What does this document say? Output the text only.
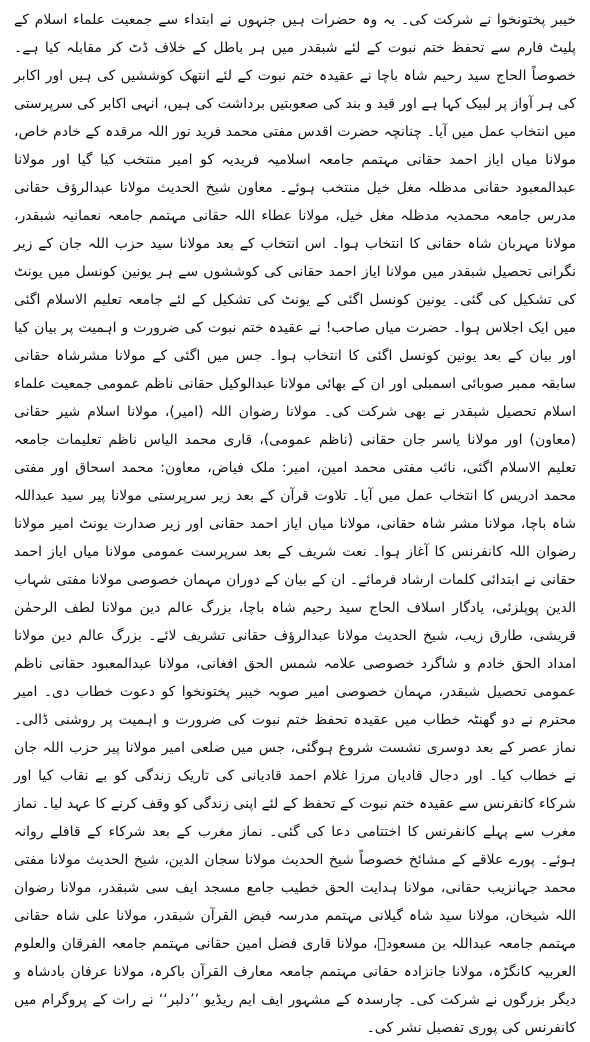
خیبر پختونخوا نے شرکت کی۔ یہ وہ حضرات ہیں جنہوں نے ابتداء سے جمعیت علماء اسلام کے پلیٹ فارم سے تحفظ ختم نبوت کے لئے شبقدر میں ہر باطل کے خلاف ڈٹ کر مقابلہ کیا ہے۔ خصوصاً الحاج سید رحیم شاہ باچا نے عقیدہ ختم نبوت کے لئے انتھک کوششیں کی ہیں اور اکابر کی ہر آواز پر لبیک کہا ہے اور قید و بند کی صعوبتیں برداشت کی ہیں، انہی اکابر کی سرپرستی میں انتخاب عمل میں آیا۔ چنانچہ حضرت اقدس مفتی محمد فرید نور اللہ مرقدہ کے خادم خاص، مولانا میاں ایاز احمد حقانی مہتمم جامعہ اسلامیہ فریدیہ کو امیر منتخب کیا گیا اور مولانا عبدالمعبود حقانی مدظلہ مغل خیل منتخب ہوئے۔ معاون شیخ الحدیث مولانا عبدالرؤف حقانی مدرس جامعہ محمدیہ مدظلہ مغل خیل، مولانا عطاء اللہ حقانی مہتمم جامعہ نعمانیہ شبقدر، مولانا مہربان شاہ حقانی کا انتخاب ہوا۔ اس انتخاب کے بعد مولانا سید حزب اللہ جان کے زیر نگرانی تحصیل شبقدر میں مولانا ایاز احمد حقانی کی کوششوں سے ہر یونین کونسل میں یونٹ کی تشکیل کی گئی۔ یونین کونسل اگئی کے یونٹ کی تشکیل کے لئے جامعہ تعلیم الاسلام اگئی میں ایک اجلاس ہوا۔ حضرت میاں صاحب! نے عقیدہ ختم نبوت کی ضرورت و اہمیت پر بیان کیا اور بیان کے بعد یونین کونسل اگئی کا انتخاب ہوا۔ جس میں اگئی کے مولانا مشرشاہ حقانی سابقہ ممبر صوبائی اسمبلی اور ان کے بھائی مولانا عبدالوکیل حقانی ناظم عمومی جمعیت علماء اسلام تحصیل شبقدر نے بھی شرکت کی۔ مولانا رضوان اللہ (امیر)، مولانا اسلام شیر حقانی (معاون) اور مولانا یاسر جان حقانی (ناظم عمومی)، قاری محمد الیاس ناظم تعلیمات جامعہ تعلیم الاسلام اگئی، نائب مفتی محمد امین، امیر: ملک فیاض، معاون: محمد اسحاق اور مفتی محمد ادریس کا انتخاب عمل میں آیا۔ تلاوت قرآن کے بعد زیر سرپرستی مولانا پیر سید عبداللہ شاہ باچا، مولانا مشر شاہ حقانی، مولانا میاں ایاز احمد حقانی اور زیر صدارت یونٹ امیر مولانا رضوان اللہ کانفرنس کا آغاز ہوا۔ نعت شریف کے بعد سرپرست عمومی مولانا میاں ایاز احمد حقانی نے ابتدائی کلمات ارشاد فرمائے۔ ان کے بیان کے دوران مہمان خصوصی مولانا مفتی شہاب الدین پوپلزئی، یادگار اسلاف الحاج سید رحیم شاہ باچا، بزرگ عالم دین مولانا لطف الرحمٰن قریشی، طارق زیب، شیخ الحدیث مولانا عبدالرؤف حقانی تشریف لائے۔ بزرگ عالم دین مولانا امداد الحق خادم و شاگرد خصوصی علامہ شمس الحق افغانی، مولانا عبدالمعبود حقانی ناظم عمومی تحصیل شبقدر، مہمان خصوصی امیر صوبہ خیبر پختونخوا کو دعوت خطاب دی۔ امیر محترم نے دو گھنٹہ خطاب میں عقیدہ تحفظ ختم نبوت کی ضرورت و اہمیت پر روشنی ڈالی۔ نماز عصر کے بعد دوسری نشست شروع ہوگئی، جس میں ضلعی امیر مولانا پیر حزب اللہ جان نے خطاب کیا۔ اور دجال قادیان مرزا غلام احمد قادیانی کی تاریک زندگی کو بے نقاب کیا اور شرکاء کانفرنس سے عقیدہ ختم نبوت کے تحفظ کے لئے اپنی زندگی کو وقف کرنے کا عہد لیا۔ نماز مغرب سے پہلے کانفرنس کا اختتامی دعا کی گئی۔ نماز مغرب کے بعد شرکاء کے قافلے روانہ ہوئے۔ پورے علاقے کے مشائخ خصوصاً شیخ الحدیث مولانا سجان الدین، شیخ الحدیث مولانا مفتی محمد جہانزیب حقانی، مولانا ہدایت الحق خطیب جامع مسجد ایف سی شبقدر، مولانا رضوان اللہ شیخان، مولانا سید شاہ گیلانی مہتمم مدرسہ فیض القرآن شبقدر، مولانا علی شاہ حقانی مہتمم جامعہ عبداللہ بن مسعودؓ، مولانا قاری فضل امین حقانی مہتمم جامعہ الفرقان والعلوم العربیہ کانگڑہ، مولانا جانزادہ حقانی مہتمم جامعہ معارف القرآن باکرہ، مولانا عرفان بادشاہ و دیگر بزرگوں نے شرکت کی۔ چارسدہ کے مشہور ایف ایم ریڈیو ’’دلبر‘‘ نے رات کے پروگرام میں کانفرنس کی پوری تفصیل نشر کی۔
